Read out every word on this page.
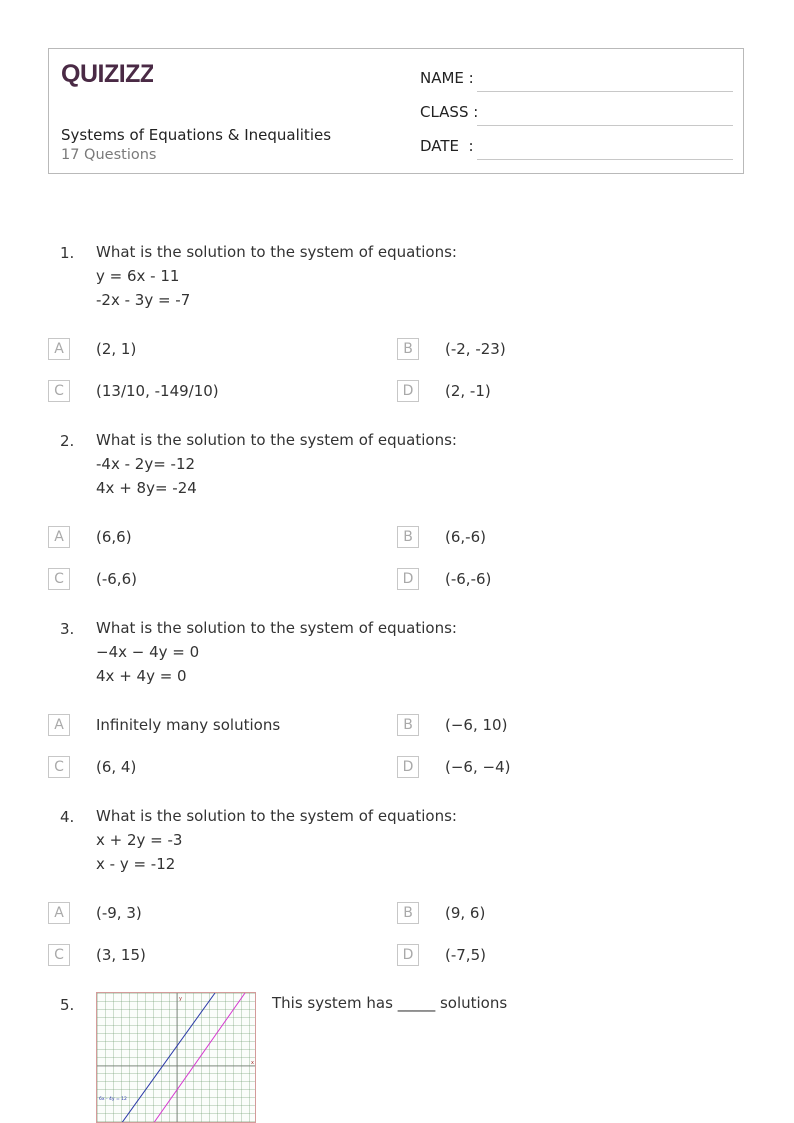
QUIZIZZ
Systems of Equations & Inequalities
17 Questions
NAME :
CLASS :
DATE  :
1. What is the solution to the system of equations:
y = 6x - 11
-2x - 3y = -7
A	(2, 1)	B	(-2, -23)
C	(13/10, -149/10)	D	(2, -1)
2. What is the solution to the system of equations:
-4x - 2y= -12
4x + 8y= -24
A	(6,6)	B	(6,-6)
C	(-6,6)	D	(-6,-6)
3. What is the solution to the system of equations:
−4x − 4y = 0
4x + 4y = 0
A	Infinitely many solutions	B	(−6, 10)
C	(6, 4)	D	(−6, −4)
4. What is the solution to the system of equations:
x + 2y = -3
x - y = -12
A	(-9, 3)	B	(9, 6)
C	(3, 15)	D	(-7,5)
5.	y
x
6x - 4y = 12
This system has _____ solutions
